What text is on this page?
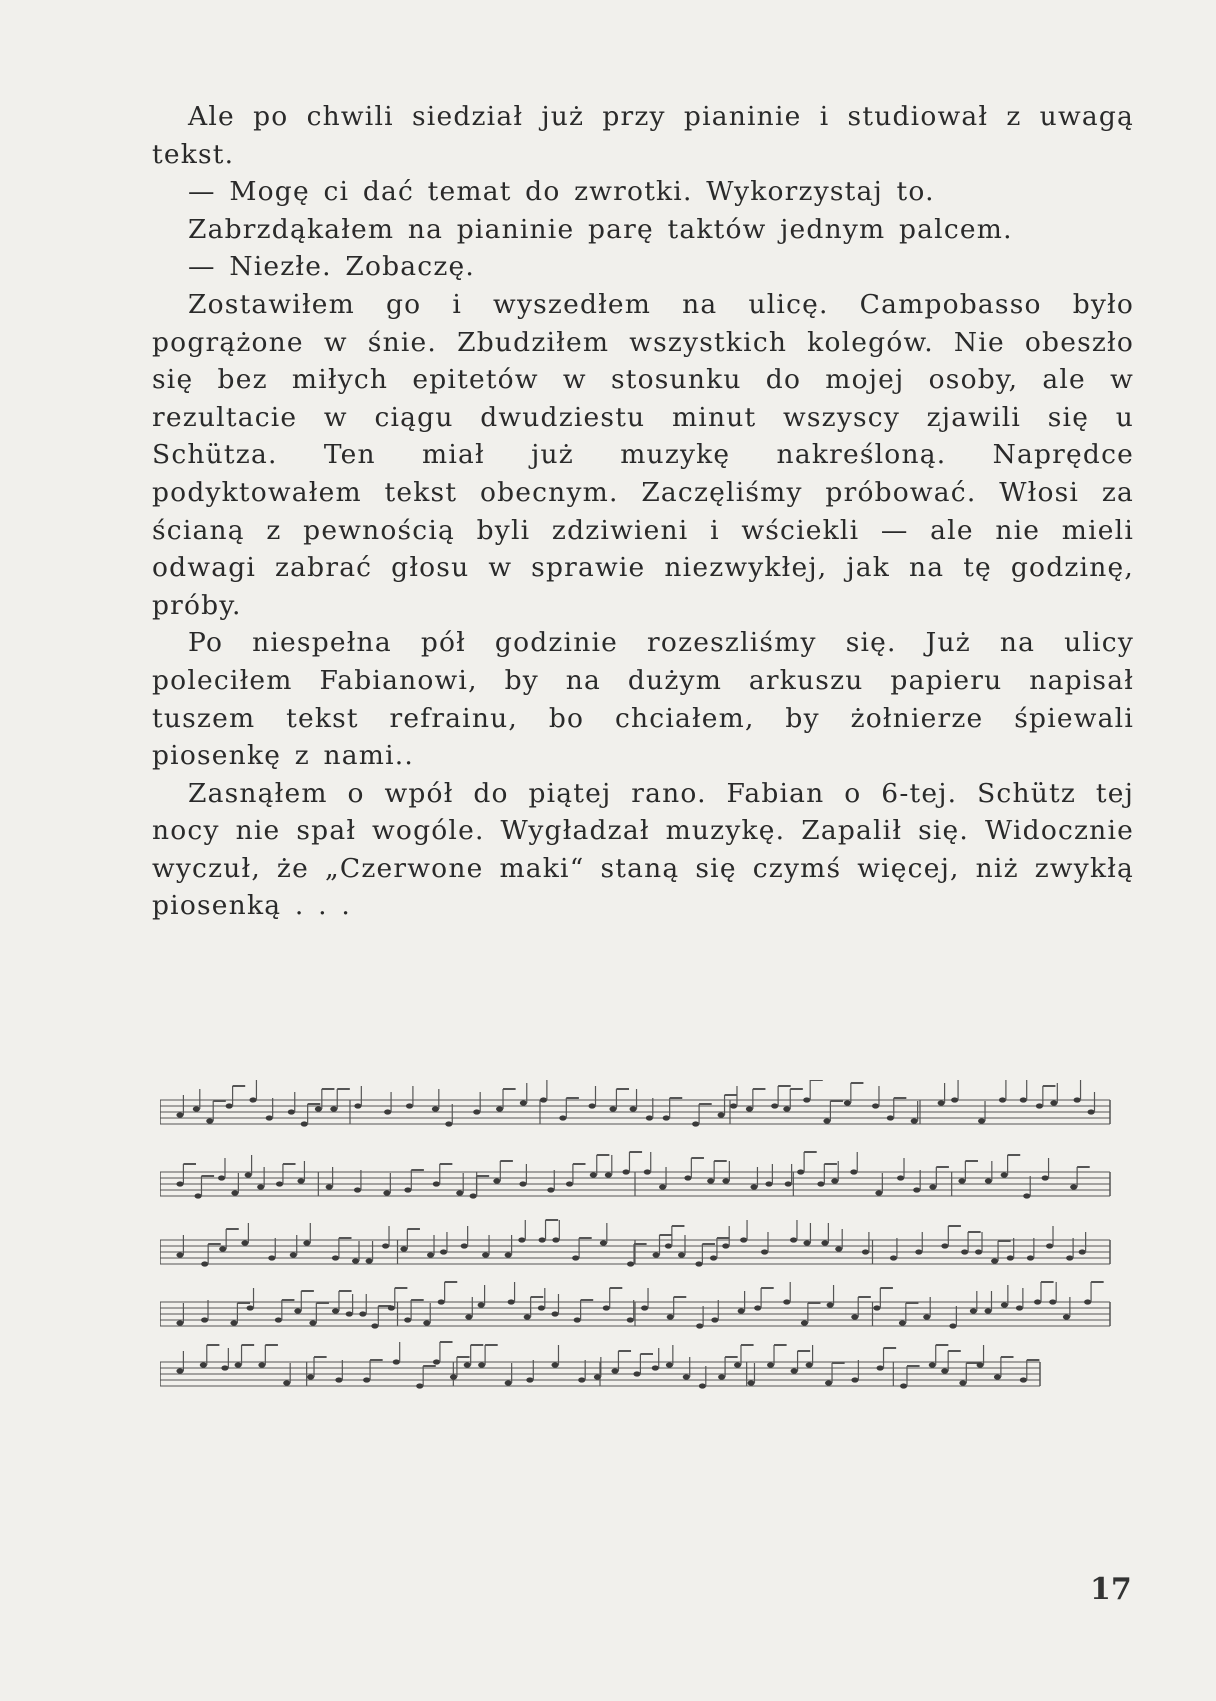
Ale po chwili siedział już przy pianinie i studiował z uwagą tekst.

— Mogę ci dać temat do zwrotki. Wykorzystaj to.

Zabrzdąkałem na pianinie parę taktów jednym palcem.

— Niezłe. Zobaczę.

Zostawiłem go i wyszedłem na ulicę. Campobasso było pogrążone w śnie. Zbudziłem wszystkich kolegów. Nie obeszło się bez miłych epitetów w stosunku do mojej osoby, ale w rezultacie w ciągu dwudziestu minut wszyscy zjawili się u Schütza. Ten miał już muzykę nakreśloną. Naprędce podyktowałem tekst obecnym. Zaczęliśmy próbować. Włosi za ścianą z pewnością byli zdziwieni i wściekli — ale nie mieli odwagi zabrać głosu w sprawie niezwykłej, jak na tę godzinę, próby.

Po niespełna pół godzinie rozeszliśmy się. Już na ulicy poleciłem Fabianowi, by na dużym arkuszu papieru napisał tuszem tekst refrainu, bo chciałem, by żołnierze śpiewali piosenkę z nami..

Zasnąłem o wpół do piątej rano. Fabian o 6-tej. Schütz tej nocy nie spał wogóle. Wygładzał muzykę. Zapalił się. Widocznie wyczuł, że „Czerwone maki“ staną się czymś więcej, niż zwykłą piosenką . . .

17
